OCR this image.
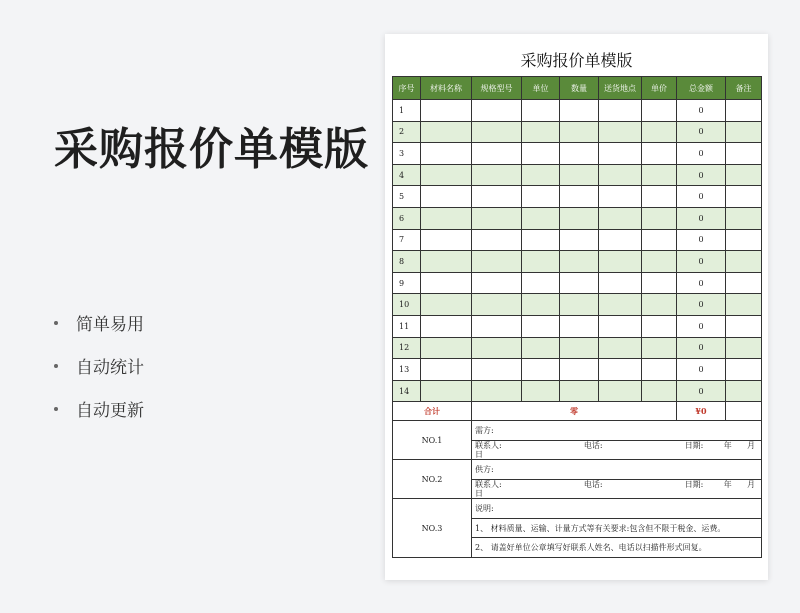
采购报价单模版
简单易用
自动统计
自动更新
采购报价单模版
序号	材料名称	规格型号	单位	数量	送货地点	单价	总金额	备注
1							0	
2							0	
3							0	
4							0	
5							0	
6							0	
7							0	
8							0	
9							0	
10							0	
11							0	
12							0	
13							0	
14							0	
合计		零					¥0	
NO.1		需方:						

		联系人: 电话: 日期: 年 月
日						

NO.2		供方:						

		联系人: 电话: 日期: 年 月
日						

NO.3		说明:						
		1、 材料质量、运输、计量方式等有关要求:包含但不限于税金、运费。						
		2、 请盖好单位公章填写好联系人姓名、电话以扫描件形式回复。						
